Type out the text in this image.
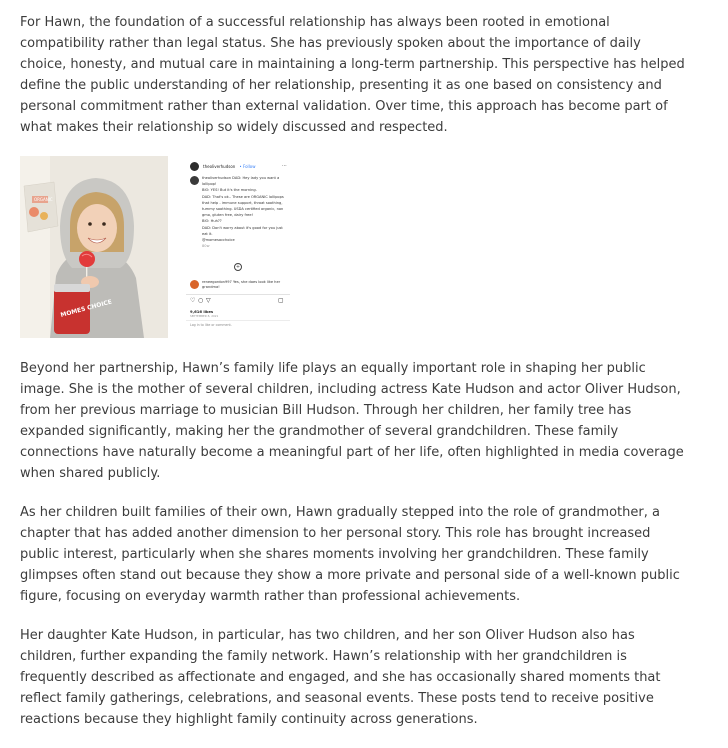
For Hawn, the foundation of a successful relationship has always been rooted in emotional compatibility rather than legal status. She has previously spoken about the importance of daily choice, honesty, and mutual care in maintaining a long-term partnership. This perspective has helped define the public understanding of her relationship, presenting it as one based on consistency and personal commitment rather than external validation. Over time, this approach has become part of what makes their relationship so widely discussed and respected.

ORGANIC
MOMES CHOICE
theoliverhudson • Follow	···
theoliverhudson DAD: Hey lady you want a lollipop!
BIO: YES! But it's the morning.
DAD: That's ok.. These are ORGANIC lollipops that help - immune support, throat soothing, tummy soothing. USDA certified organic, non gmo, gluten free, dairy free!
BIO: Huh??
DAD: Don't worry about it's good for you just eat it.
@momesacchoice
80w
+
reneegordon997 Yes, she does look like her grandma!
♡ ○ ▽	▢
9,616 likes
SEPTEMBER 8, 2021
Log in to like or comment.

Beyond her partnership, Hawn’s family life plays an equally important role in shaping her public image. She is the mother of several children, including actress Kate Hudson and actor Oliver Hudson, from her previous marriage to musician Bill Hudson. Through her children, her family tree has expanded significantly, making her the grandmother of several grandchildren. These family connections have naturally become a meaningful part of her life, often highlighted in media coverage when shared publicly.

As her children built families of their own, Hawn gradually stepped into the role of grandmother, a chapter that has added another dimension to her personal story. This role has brought increased public interest, particularly when she shares moments involving her grandchildren. These family glimpses often stand out because they show a more private and personal side of a well-known public figure, focusing on everyday warmth rather than professional achievements.

Her daughter Kate Hudson, in particular, has two children, and her son Oliver Hudson also has children, further expanding the family network. Hawn’s relationship with her grandchildren is frequently described as affectionate and engaged, and she has occasionally shared moments that reflect family gatherings, celebrations, and seasonal events. These posts tend to receive positive reactions because they highlight family continuity across generations.
